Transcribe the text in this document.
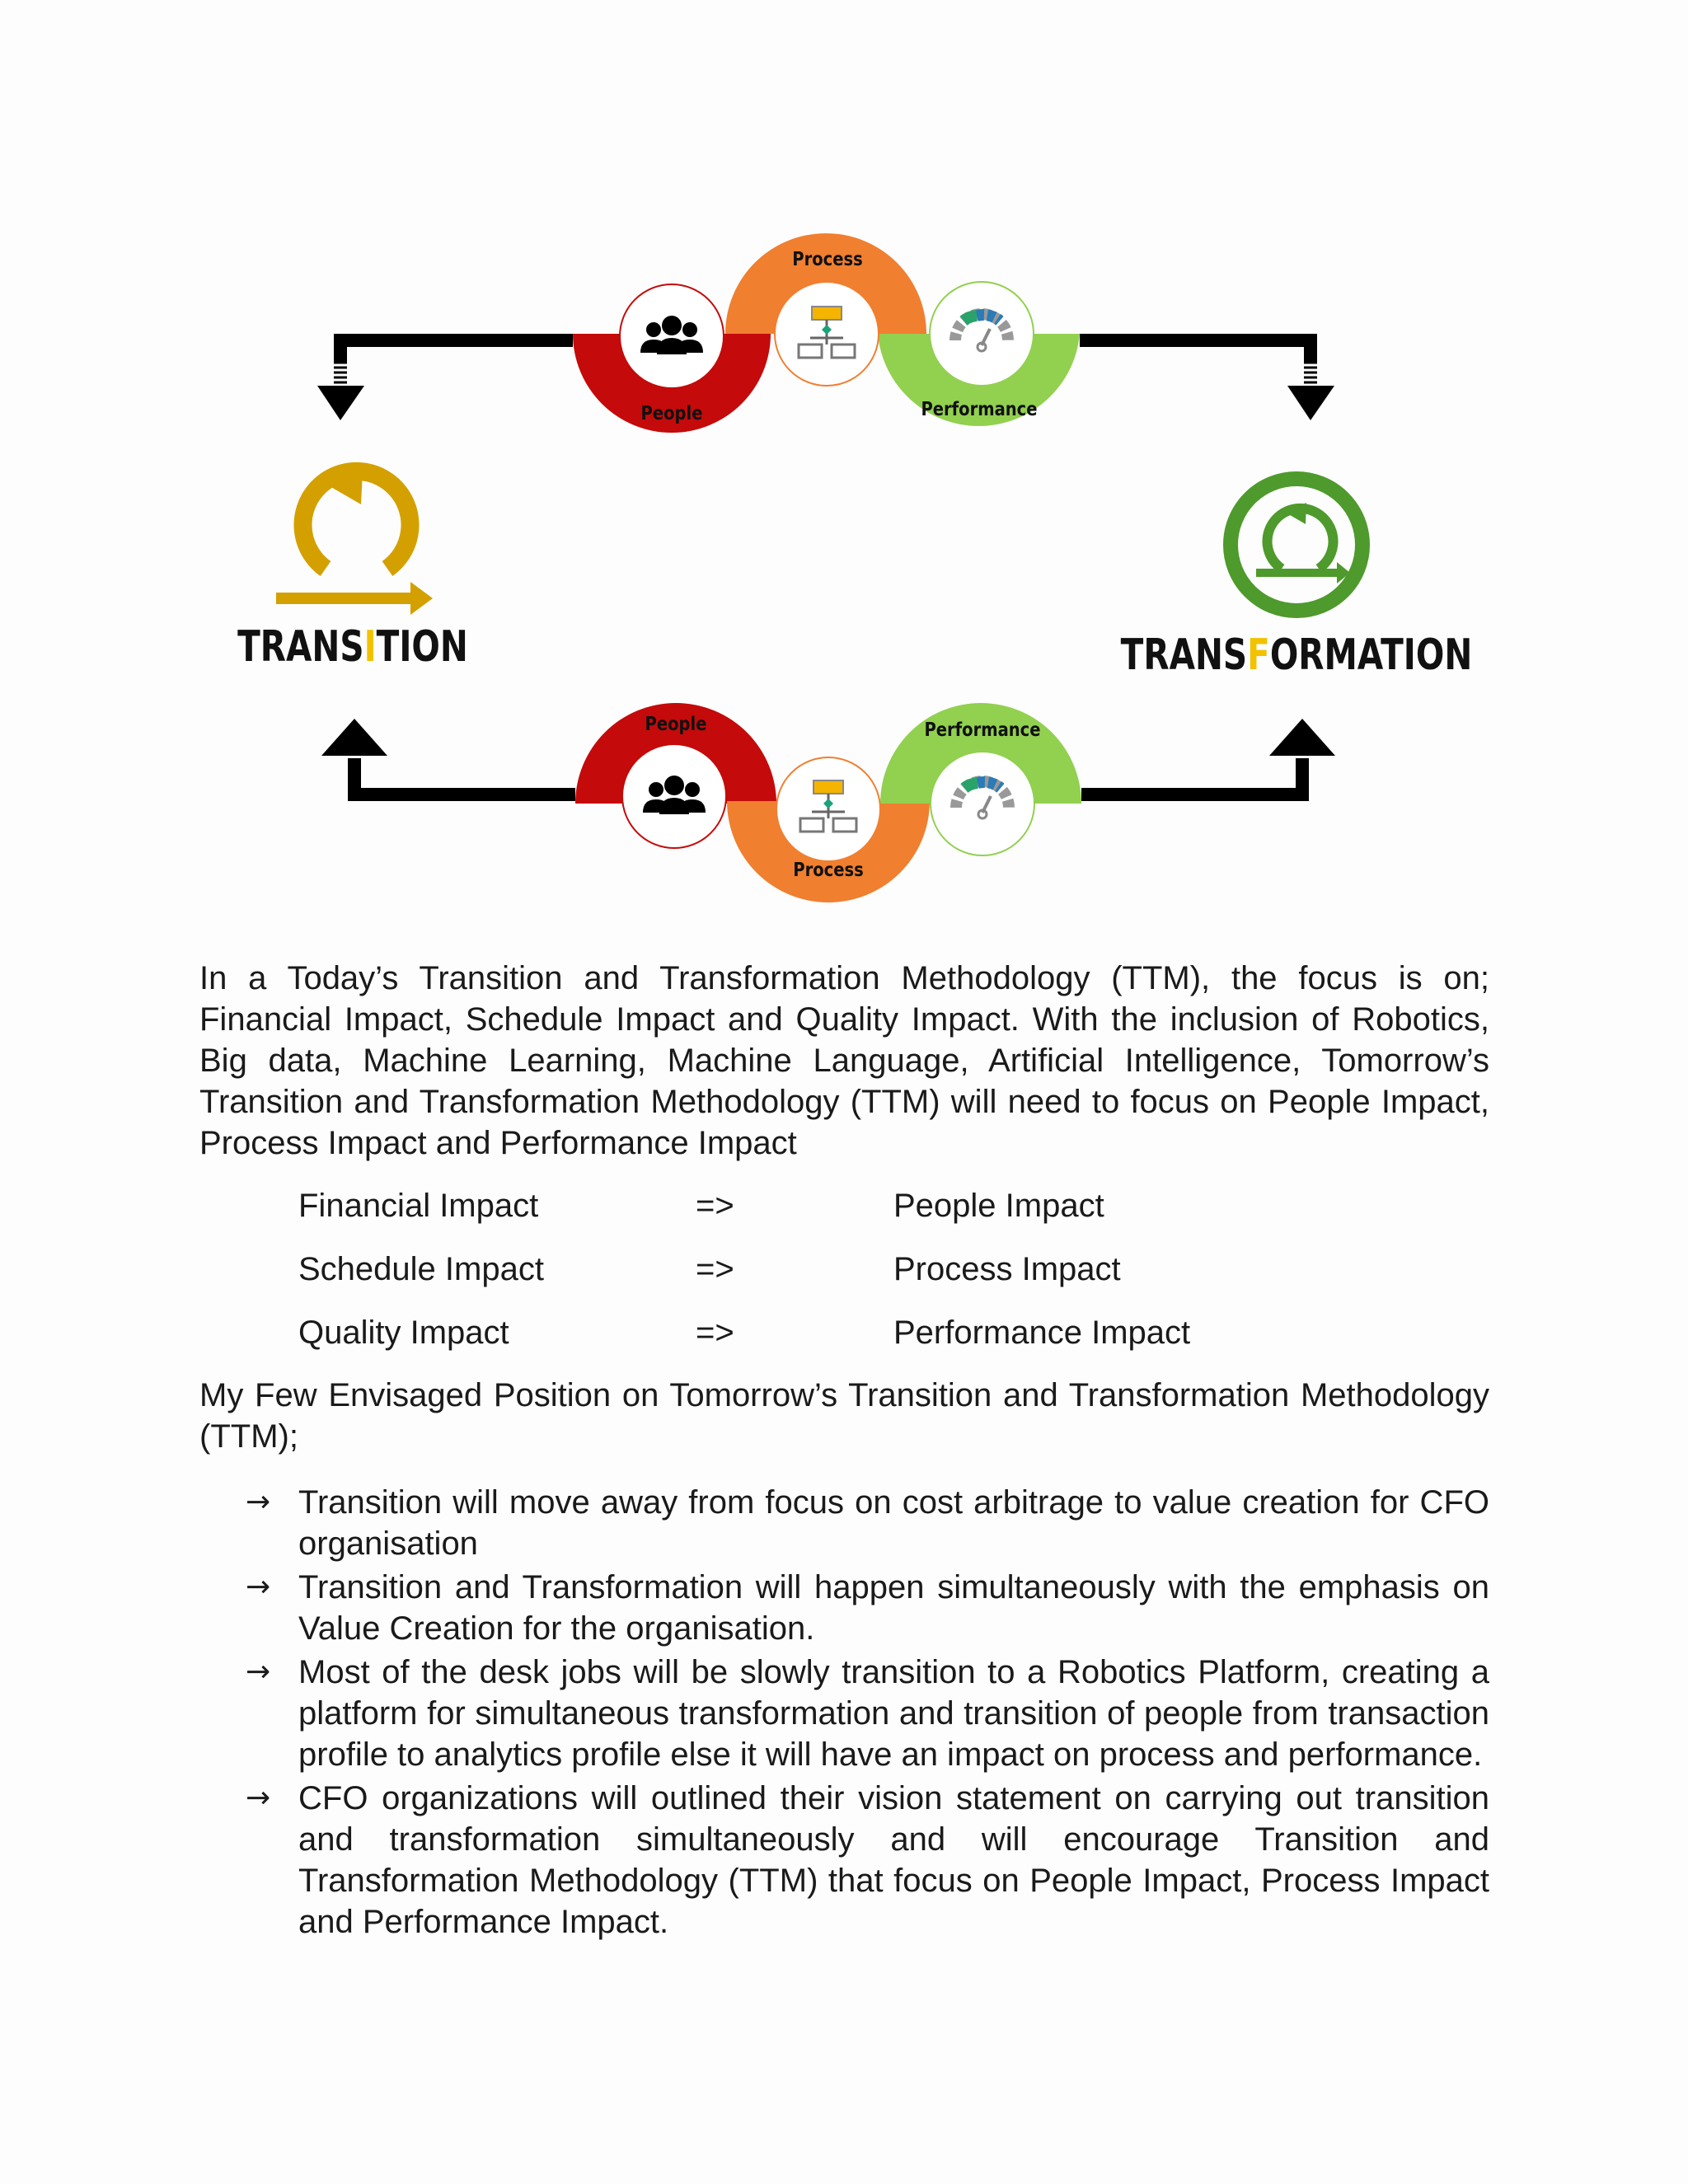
Process
People	Performance
TRANSITION	TRANSFORMATION
People	Performance
Process

In a Today’s Transition and Transformation Methodology (TTM), the focus is on; Financial Impact, Schedule Impact and Quality Impact. With the inclusion of Robotics, Big data, Machine Learning, Machine Language, Artificial Intelligence, Tomorrow’s Transition and Transformation Methodology (TTM) will need to focus on People Impact, Process Impact and Performance Impact

Financial Impact	=>	People Impact
Schedule Impact	=>	Process Impact
Quality Impact	=>	Performance Impact

My Few Envisaged Position on Tomorrow’s Transition and Transformation Methodology (TTM);

→ Transition will move away from focus on cost arbitrage to value creation for CFO organisation
→ Transition and Transformation will happen simultaneously with the emphasis on Value Creation for the organisation.
→ Most of the desk jobs will be slowly transition to a Robotics Platform, creating a platform for simultaneous transformation and transition of people from transaction profile to analytics profile else it will have an impact on process and performance.
→ CFO organizations will outlined their vision statement on carrying out transition and transformation simultaneously and will encourage Transition and Transformation Methodology (TTM) that focus on People Impact, Process Impact and Performance Impact.
